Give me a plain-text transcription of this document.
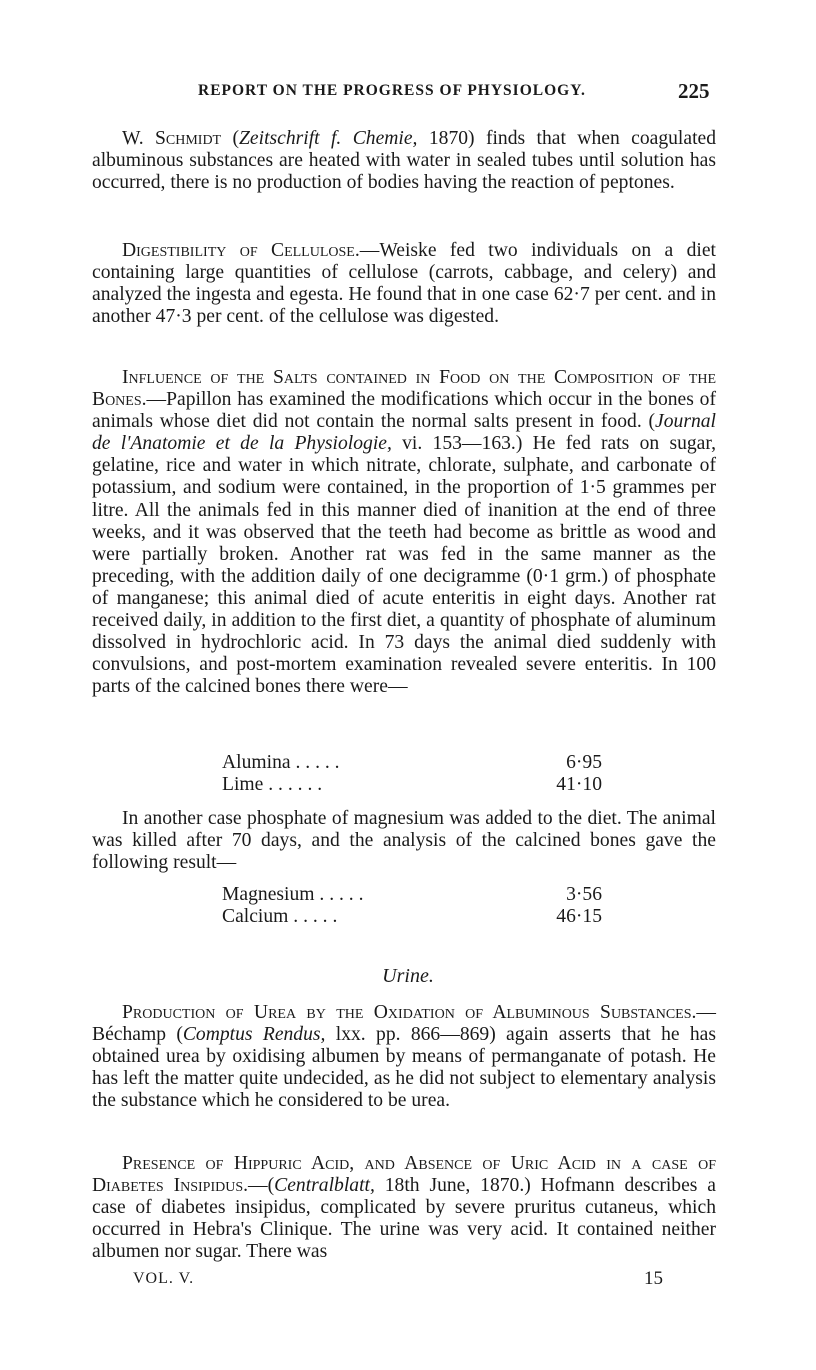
REPORT ON THE PROGRESS OF PHYSIOLOGY.	225

W. Schmidt (Zeitschrift f. Chemie, 1870) finds that when coagulated albuminous substances are heated with water in sealed tubes until solution has occurred, there is no production of bodies having the reaction of peptones.

Digestibility of Cellulose.—Weiske fed two individuals on a diet containing large quantities of cellulose (carrots, cabbage, and celery) and analyzed the ingesta and egesta. He found that in one case 62·7 per cent. and in another 47·3 per cent. of the cellulose was digested.

Influence of the Salts contained in Food on the Composition of the Bones.—Papillon has examined the modifications which occur in the bones of animals whose diet did not contain the normal salts present in food. (Journal de l'Anatomie et de la Physiologie, vi. 153—163.) He fed rats on sugar, gelatine, rice and water in which nitrate, chlorate, sulphate, and carbonate of potassium, and sodium were contained, in the proportion of 1·5 grammes per litre. All the animals fed in this manner died of inanition at the end of three weeks, and it was observed that the teeth had become as brittle as wood and were partially broken. Another rat was fed in the same manner as the preceding, with the addition daily of one decigramme (0·1 grm.) of phosphate of manganese; this animal died of acute enteritis in eight days. Another rat received daily, in addition to the first diet, a quantity of phosphate of aluminum dissolved in hydrochloric acid. In 73 days the animal died suddenly with convulsions, and post-mortem examination revealed severe enteritis. In 100 parts of the calcined bones there were—

Alumina . . . . .	6·95
Lime . . . . . .	41·10

In another case phosphate of magnesium was added to the diet. The animal was killed after 70 days, and the analysis of the calcined bones gave the following result—

Magnesium . . . . .	3·56
Calcium . . . . .	46·15
Urine.

Production of Urea by the Oxidation of Albuminous Substances.—Béchamp (Comptus Rendus, lxx. pp. 866—869) again asserts that he has obtained urea by oxidising albumen by means of permanganate of potash. He has left the matter quite undecided, as he did not subject to elementary analysis the substance which he considered to be urea.

Presence of Hippuric Acid, and Absence of Uric Acid in a case of Diabetes Insipidus.—(Centralblatt, 18th June, 1870.) Hofmann describes a case of diabetes insipidus, complicated by severe pruritus cutaneus, which occurred in Hebra's Clinique. The urine was very acid. It contained neither albumen nor sugar. There was

VOL. V.	15
